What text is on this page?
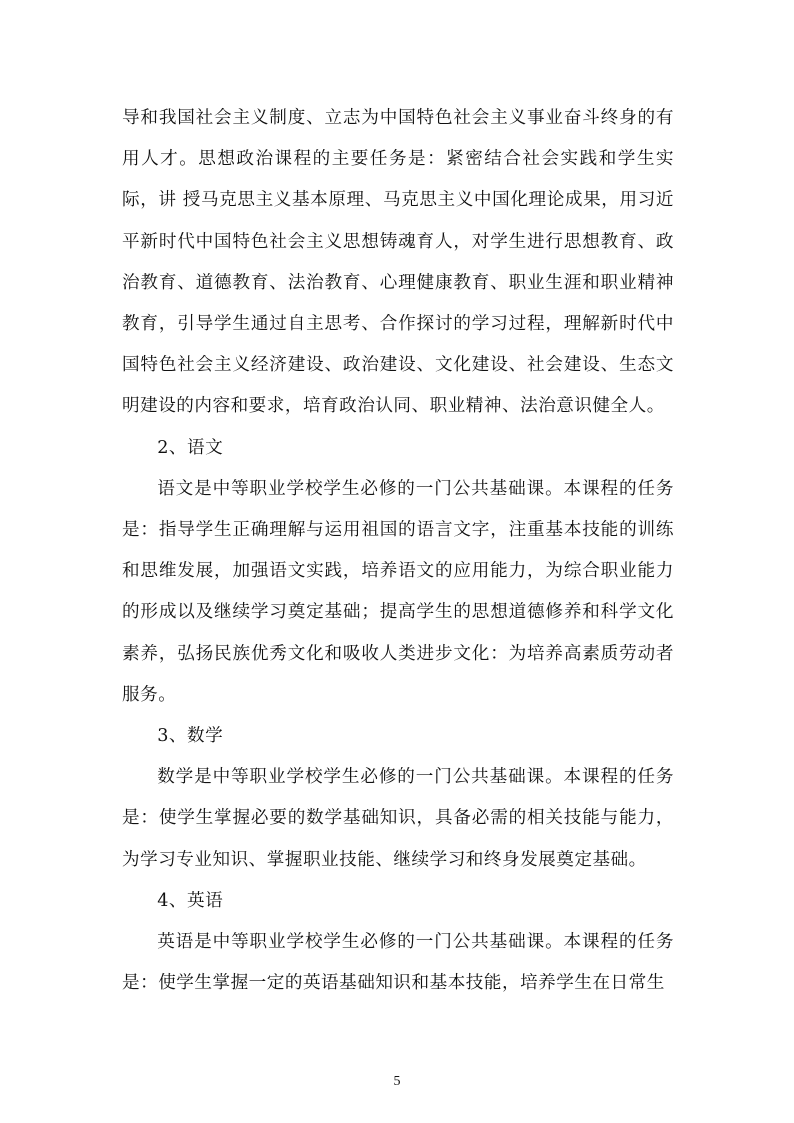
导和我国社会主义制度、立志为中国特色社会主义事业奋斗终身的有用人才。思想政治课程的主要任务是：紧密结合社会实践和学生实际，讲 授马克思主义基本原理、马克思主义中国化理论成果，用习近平新时代中国特色社会主义思想铸魂育人，对学生进行思想教育、政治教育、道德教育、法治教育、心理健康教育、职业生涯和职业精神教育，引导学生通过自主思考、合作探讨的学习过程，理解新时代中国特色社会主义经济建设、政治建设、文化建设、社会建设、生态文明建设的内容和要求，培育政治认同、职业精神、法治意识健全人。

2、语文

语文是中等职业学校学生必修的一门公共基础课。本课程的任务是：指导学生正确理解与运用祖国的语言文字，注重基本技能的训练和思维发展，加强语文实践，培养语文的应用能力，为综合职业能力的形成以及继续学习奠定基础；提高学生的思想道德修养和科学文化素养，弘扬民族优秀文化和吸收人类进步文化：为培养高素质劳动者服务。

3、数学

数学是中等职业学校学生必修的一门公共基础课。本课程的任务是：使学生掌握必要的数学基础知识，具备必需的相关技能与能力，为学习专业知识、掌握职业技能、继续学习和终身发展奠定基础。

4、英语

英语是中等职业学校学生必修的一门公共基础课。本课程的任务是：使学生掌握一定的英语基础知识和基本技能，培养学生在日常生

5
